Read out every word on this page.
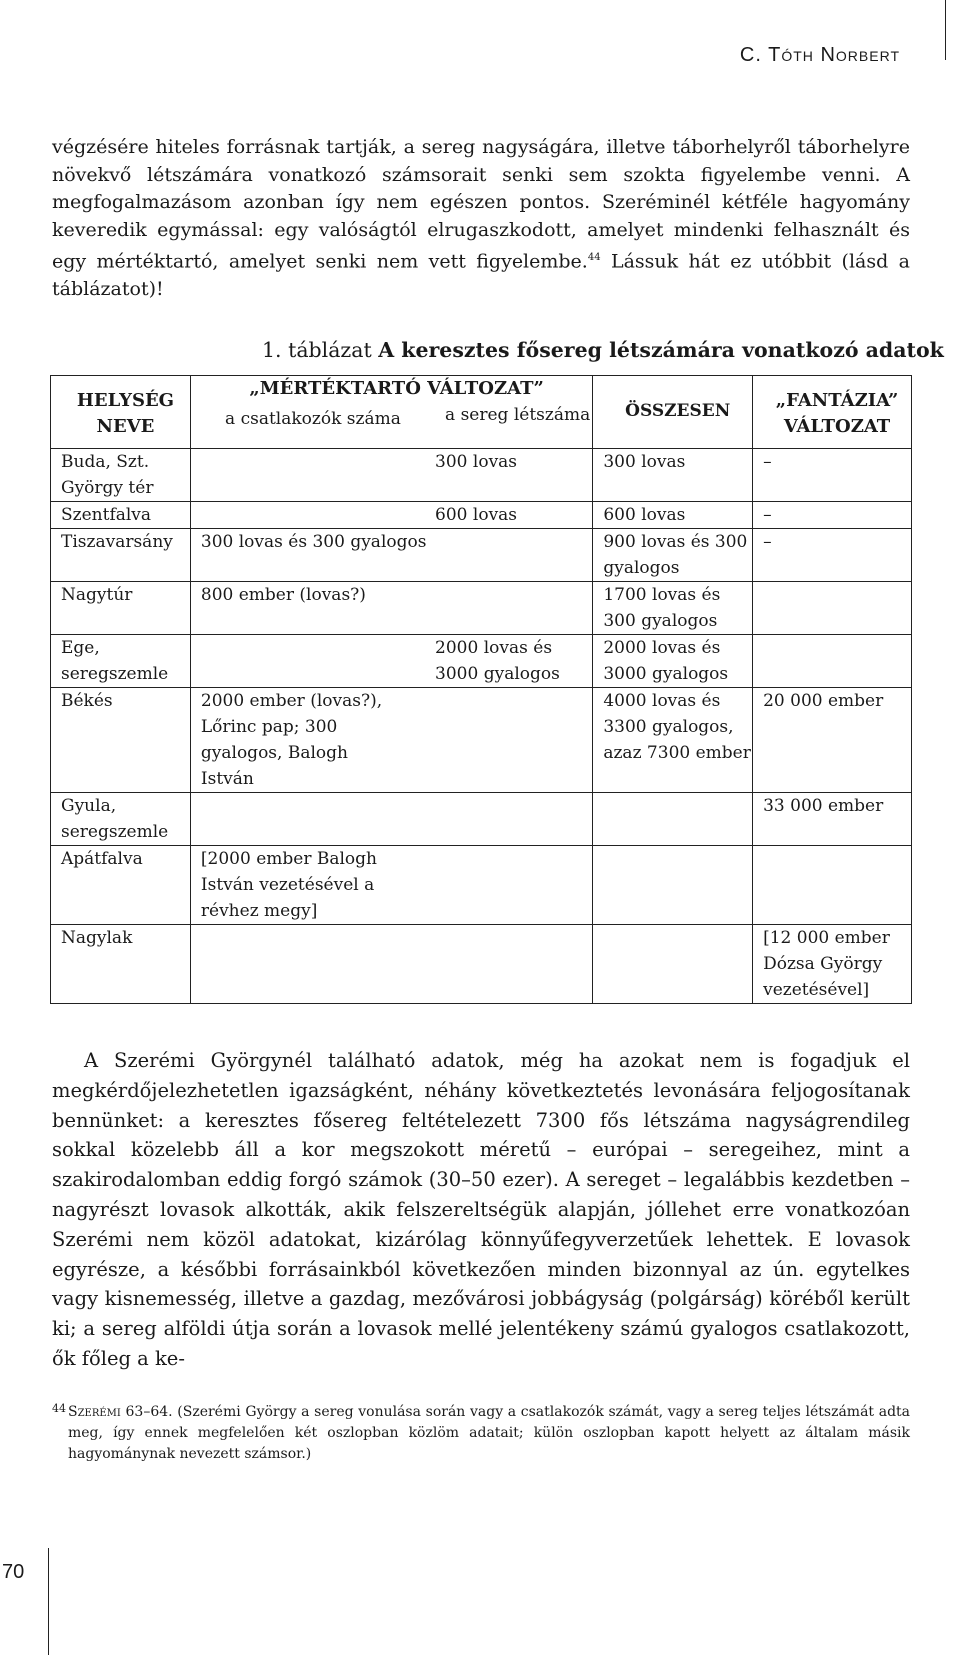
C. Tóth Norbert
végzésére hiteles forrásnak tartják, a sereg nagyságára, illetve táborhelyről táborhelyre növekvő létszámára vonatkozó számsorait senki sem szokta figyelembe venni. A megfogalmazásom azonban így nem egészen pontos. Szeréminél kétféle hagyomány keveredik egymással: egy valóságtól elrugaszkodott, amelyet mindenki felhasznált és egy mértéktartó, amelyet senki nem vett figyelembe.$^{44}$ Lássuk hát ez utóbbit (lásd a táblázatot)!
1. táblázat A keresztes fősereg létszámára vonatkozó adatok
HELYSÉG NEVE	„MÉRTÉKTARTÓ VÁLTOZAT”		ÖSSZESEN	„FANTÁZIA” VÁLTOZAT
	a csatlakozók száma	a sereg létszáma		
Buda, Szt. György tér		300 lovas	300 lovas	–
Szentfalva		600 lovas	600 lovas	–
Tiszavarsány	300 lovas és 300 gyalogos		900 lovas és 300 gyalogos	–
Nagytúr	800 ember (lovas?)		1700 lovas és 300 gyalogos	
Ege, seregszemle		2000 lovas és 3000 gyalogos	2000 lovas és 3000 gyalogos	
Békés	2000 ember (lovas?), Lőrinc pap; 300 gyalogos, Balogh István		4000 lovas és 3300 gyalogos, azaz 7300 ember	20 000 ember
Gyula, seregszemle				33 000 ember
Apátfalva	[2000 ember Balogh István vezetésével a révhez megy]			
Nagylak				[12 000 ember Dózsa György vezetésével]
A Szerémi Györgynél található adatok, még ha azokat nem is fogadjuk el megkérdőjelezhetetlen igazságként, néhány következtetés levonására feljogosítanak bennünket: a keresztes fősereg feltételezett 7300 fős létszáma nagyságrendileg sokkal közelebb áll a kor megszokott méretű – európai – seregeihez, mint a szakirodalomban eddig forgó számok (30–50 ezer). A sereget – legalábbis kezdetben – nagyrészt lovasok alkották, akik felszereltségük alapján, jóllehet erre vonatkozóan Szerémi nem közöl adatokat, kizárólag könnyűfegyverzetűek lehettek. E lovasok egyrésze, a későbbi forrásainkból következően minden bizonnyal az ún. egytelkes vagy kisnemesség, illetve a gazdag, mezővárosi jobbágyság (polgárság) köréből került ki; a sereg alföldi útja során a lovasok mellé jelentékeny számú gyalogos csatlakozott, ők főleg a ke-
44 Szerémi 63–64. (Szerémi György a sereg vonulása során vagy a csatlakozók számát, vagy a sereg teljes létszámát adta meg, így ennek megfelelően két oszlopban közlöm adatait; külön oszlopban kapott helyett az általam másik hagyománynak nevezett számsor.)
70
